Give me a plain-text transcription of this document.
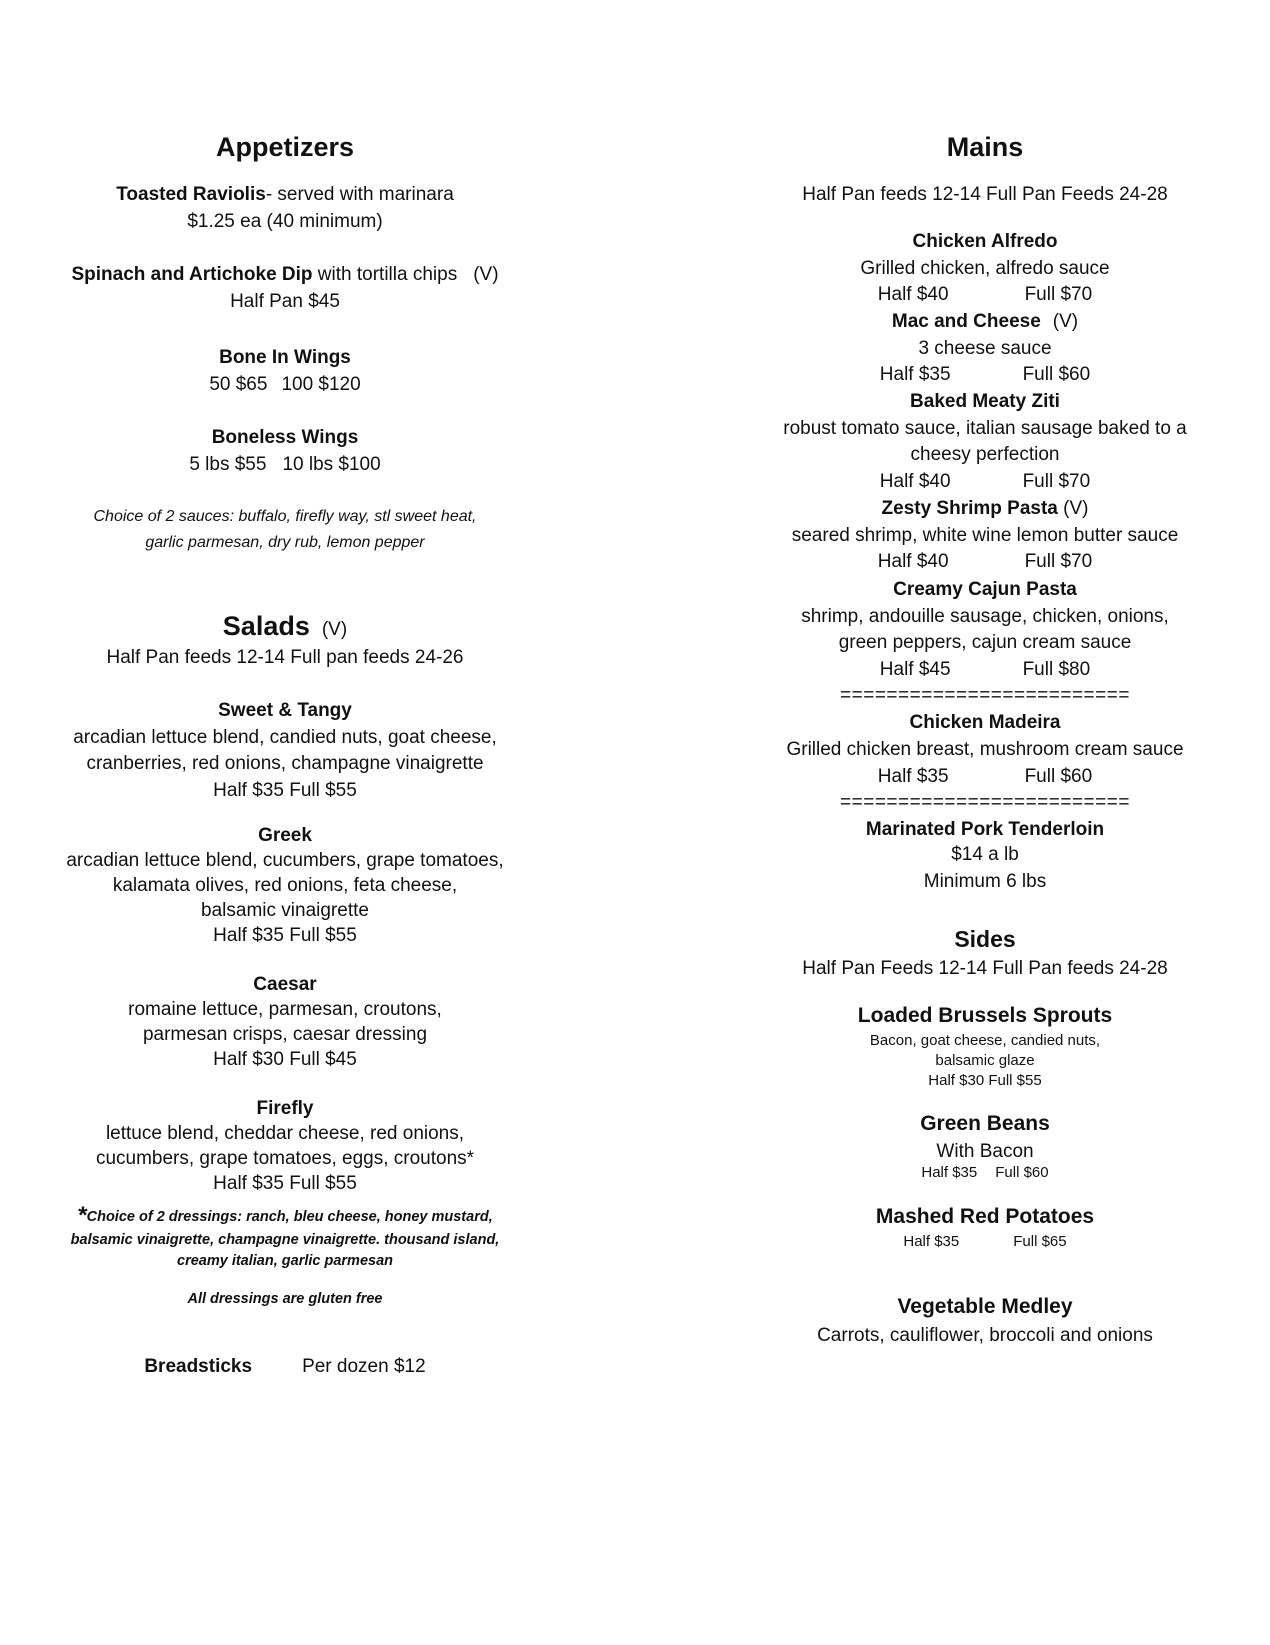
Appetizers
Toasted Raviolis- served with marinara
$1.25 ea (40 minimum)
Spinach and Artichoke Dip with tortilla chips (V)
Half Pan $45
Bone In Wings
50 $65 100 $120
Boneless Wings
5 lbs $55 10 lbs $100
Choice of 2 sauces: buffalo, firefly way, stl sweet heat,
garlic parmesan, dry rub, lemon pepper
Salads (V)
Half Pan feeds 12-14 Full pan feeds 24-26
Sweet & Tangy
arcadian lettuce blend, candied nuts, goat cheese,
cranberries, red onions, champagne vinaigrette
Half $35 Full $55
Greek
arcadian lettuce blend, cucumbers, grape tomatoes,
kalamata olives, red onions, feta cheese,
balsamic vinaigrette
Half $35 Full $55
Caesar
romaine lettuce, parmesan, croutons,
parmesan crisps, caesar dressing
Half $30 Full $45
Firefly
lettuce blend, cheddar cheese, red onions,
cucumbers, grape tomatoes, eggs, croutons*
Half $35 Full $55
*Choice of 2 dressings: ranch, bleu cheese, honey mustard,
balsamic vinaigrette, champagne vinaigrette. thousand island,
creamy italian, garlic parmesan
All dressings are gluten free
Breadsticks	Per dozen $12
Mains
Half Pan feeds 12-14 Full Pan Feeds 24-28
Chicken Alfredo
Grilled chicken, alfredo sauce
Half $40	Full $70
Mac and Cheese (V)
3 cheese sauce
Half $35	Full $60
Baked Meaty Ziti
robust tomato sauce, italian sausage baked to a
cheesy perfection
Half $40	Full $70
Zesty Shrimp Pasta (V)
seared shrimp, white wine lemon butter sauce
Half $40	Full $70
Creamy Cajun Pasta
shrimp, andouille sausage, chicken, onions,
green peppers, cajun cream sauce
Half $45	Full $80
=========================
Chicken Madeira
Grilled chicken breast, mushroom cream sauce
Half $35	Full $60
=========================
Marinated Pork Tenderloin
$14 a lb
Minimum 6 lbs
Sides
Half Pan Feeds 12-14 Full Pan feeds 24-28
Loaded Brussels Sprouts
Bacon, goat cheese, candied nuts,
balsamic glaze
Half $30 Full $55
Green Beans
With Bacon
Half $35 Full $60
Mashed Red Potatoes
Half $35	Full $65
Vegetable Medley
Carrots, cauliflower, broccoli and onions
